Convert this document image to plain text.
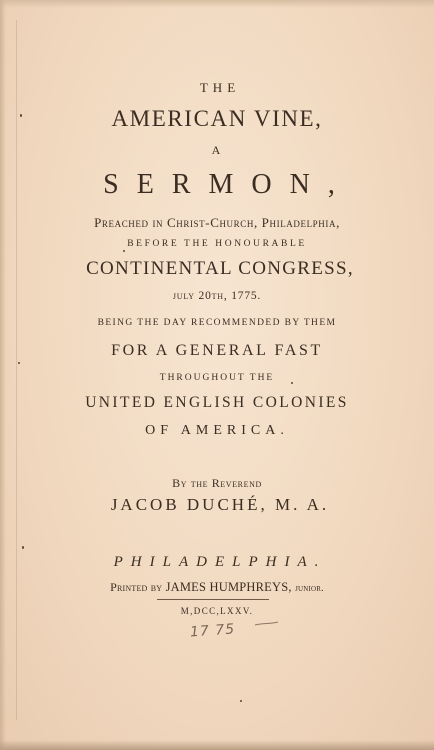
THE
AMERICAN VINE,
A
SERMON,
Preached in Christ-Church, Philadelphia,
BEFORE THE HONOURABLE
CONTINENTAL CONGRESS,
july 20th, 1775.
BEING THE DAY RECOMMENDED BY THEM
FOR A GENERAL FAST
THROUGHOUT THE
UNITED ENGLISH COLONIES
OF AMERICA.
By the Reverend
JACOB DUCHÉ, M. A.
PHILADELPHIA.
Printed by JAMES HUMPHREYS, junior.
M,DCC,LXXV.
17 75
